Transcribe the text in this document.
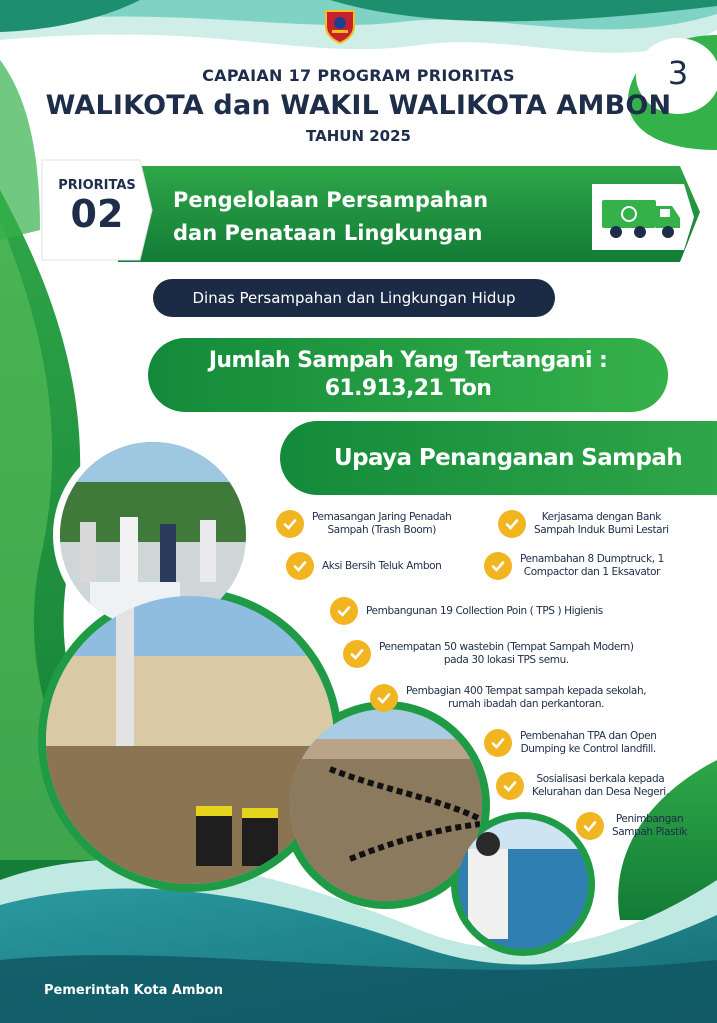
CAPAIAN 17 PROGRAM PRIORITAS
WALIKOTA dan WAKIL WALIKOTA AMBON
TAHUN 2025
3
PRIORITAS
02	Pengelolaan Persampahan
dan Penataan Lingkungan
Dinas Persampahan dan Lingkungan Hidup
Jumlah Sampah Yang Tertangani :
61.913,21 Ton
Upaya Penanganan Sampah
Pemasangan Jaring Penadah
Sampah (Trash Boom)
Kerjasama dengan Bank
Sampah Induk Bumi Lestari
Aksi Bersih Teluk Ambon
Penambahan 8 Dumptruck, 1
Compactor dan 1 Eksavator
Pembangunan 19 Collection Poin ( TPS ) Higienis
Penempatan 50 wastebin (Tempat Sampah Modern)
pada 30 lokasi TPS semu.
Pembagian 400 Tempat sampah kepada sekolah,
rumah ibadah dan perkantoran.
Pembenahan TPA dan Open
Dumping ke Control landfill.
Sosialisasi berkala kepada
Kelurahan dan Desa Negeri.
Penimbangan
Sampah Plastik
Pemerintah Kota Ambon
